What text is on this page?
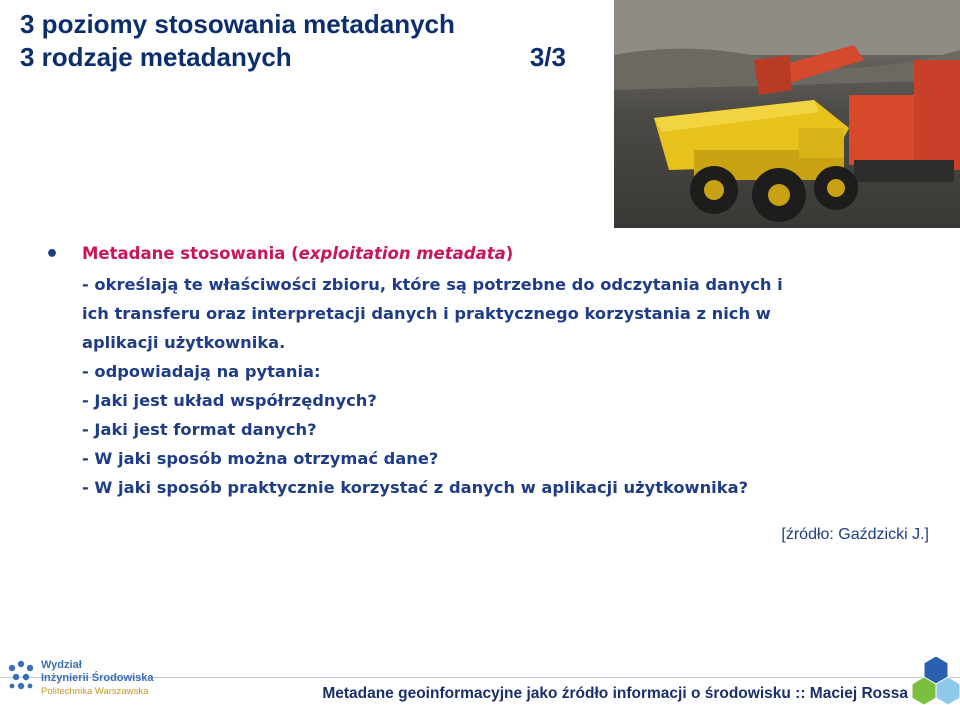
3 poziomy stosowania metadanych
3 rodzaje metadanych	3/3
•	Metadane stosowania (exploitation metadata)
- określają te właściwości zbioru, które są potrzebne do odczytania danych i
ich transferu oraz interpretacji danych i praktycznego korzystania z nich w
aplikacji użytkownika.
- odpowiadają na pytania:
- Jaki jest układ współrzędnych?
- Jaki jest format danych?
- W jaki sposób można otrzymać dane?
- W jaki sposób praktycznie korzystać z danych w aplikacji użytkownika?
[źródło: Gaździcki J.]
Wydział
Inżynierii Środowiska
Politechnika Warszawska	Metadane geoinformacyjne jako źródło informacji o środowisku :: Maciej Rossa
